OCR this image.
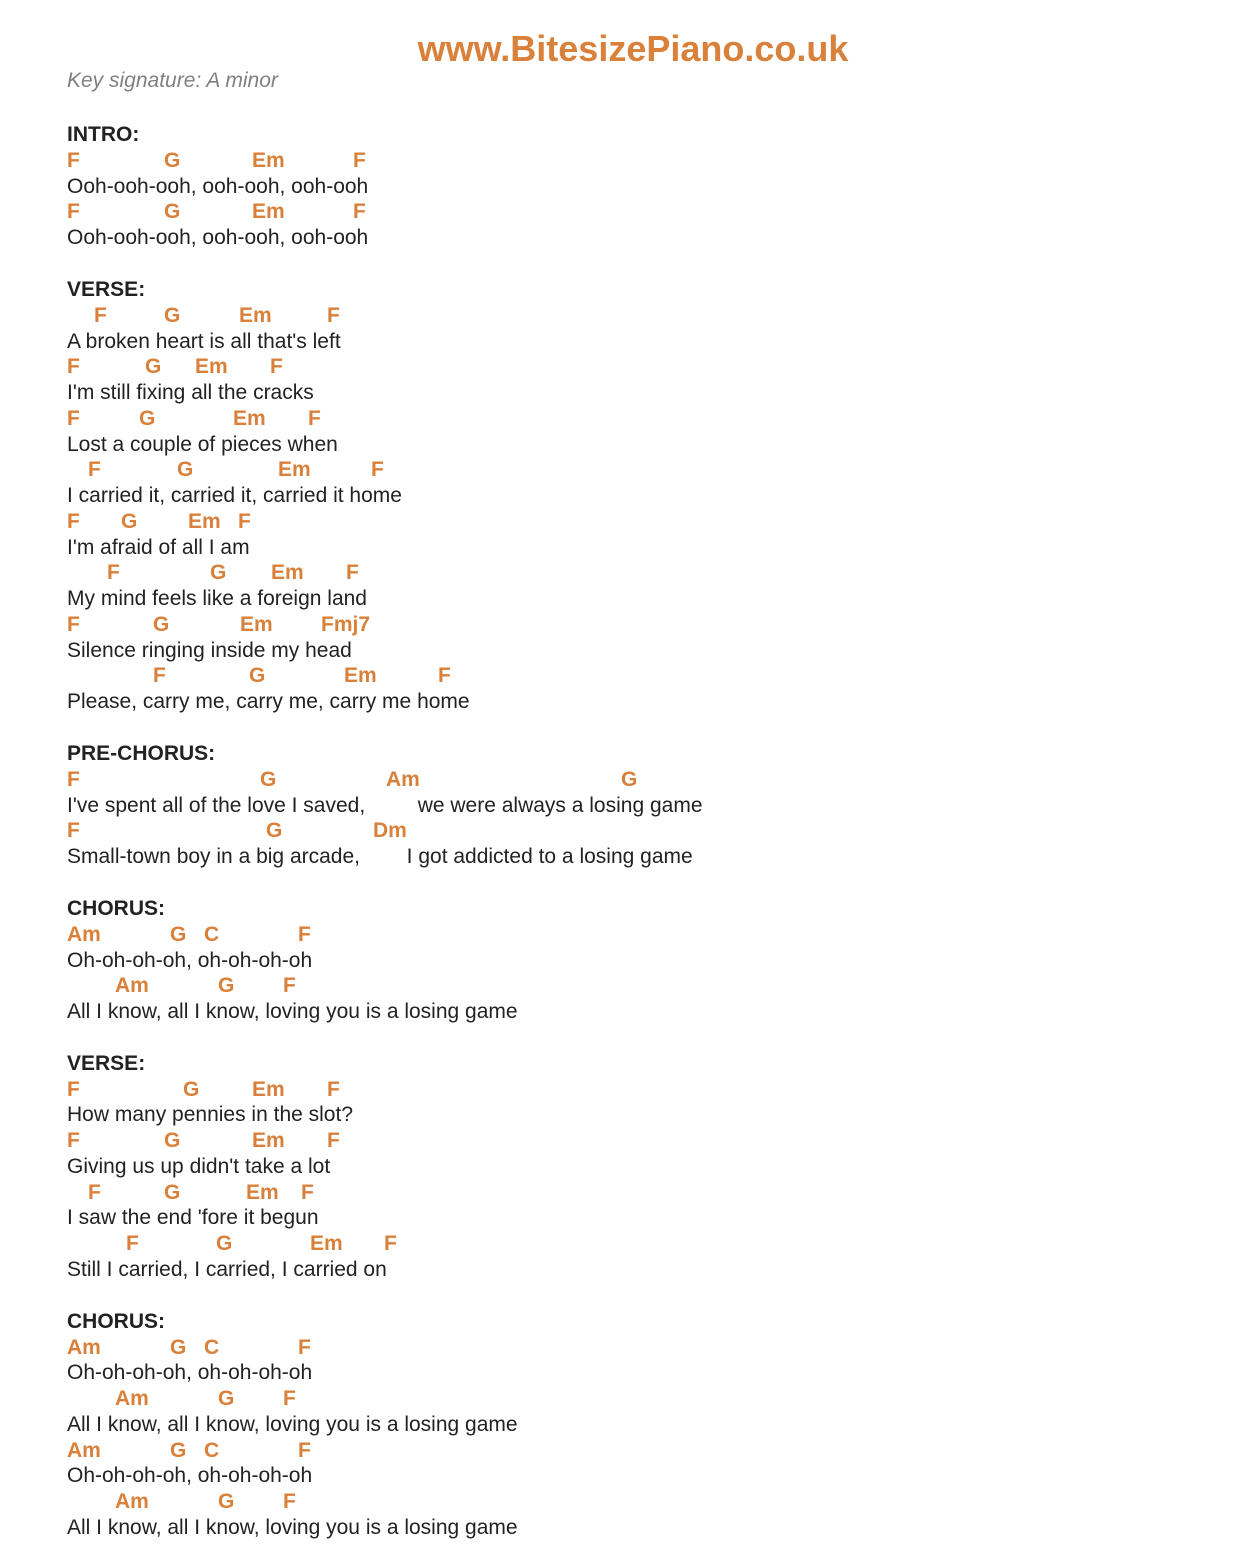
www.BitesizePiano.co.uk
Key signature: A minor
INTRO:
F	G	Em	F
Ooh-ooh-ooh, ooh-ooh, ooh-ooh
F	G	Em	F
Ooh-ooh-ooh, ooh-ooh, ooh-ooh
VERSE:
F	G	Em	F
A broken heart is all that's left
F	G Em F
I'm still fixing all the cracks
F	G	Em F
Lost a couple of pieces when
F	G	Em	F
I carried it, carried it, carried it home
F G Em F
I'm afraid of all I am
F	G Em F
My mind feels like a foreign land
F	G	Em Fmj7
Silence ringing inside my head
F	G	Em	F
Please, carry me, carry me, carry me home
PRE-CHORUS:
F	G	Am	G
I've spent all of the love I saved,         we were always a losing game
F	G	Dm
Small-town boy in a big arcade,        I got addicted to a losing game
CHORUS:
Am	G C	F
Oh-oh-oh-oh, oh-oh-oh-oh
Am	G F
All I know, all I know, loving you is a losing game
VERSE:
F	G	Em F
How many pennies in the slot?
F	G	Em F
Giving us up didn't take a lot
F	G	Em F
I saw the end 'fore it begun
F	G	Em F
Still I carried, I carried, I carried on
CHORUS:
Am	G C	F
Oh-oh-oh-oh, oh-oh-oh-oh
Am	G F
All I know, all I know, loving you is a losing game
Am	G C	F
Oh-oh-oh-oh, oh-oh-oh-oh
Am	G F
All I know, all I know, loving you is a losing game
